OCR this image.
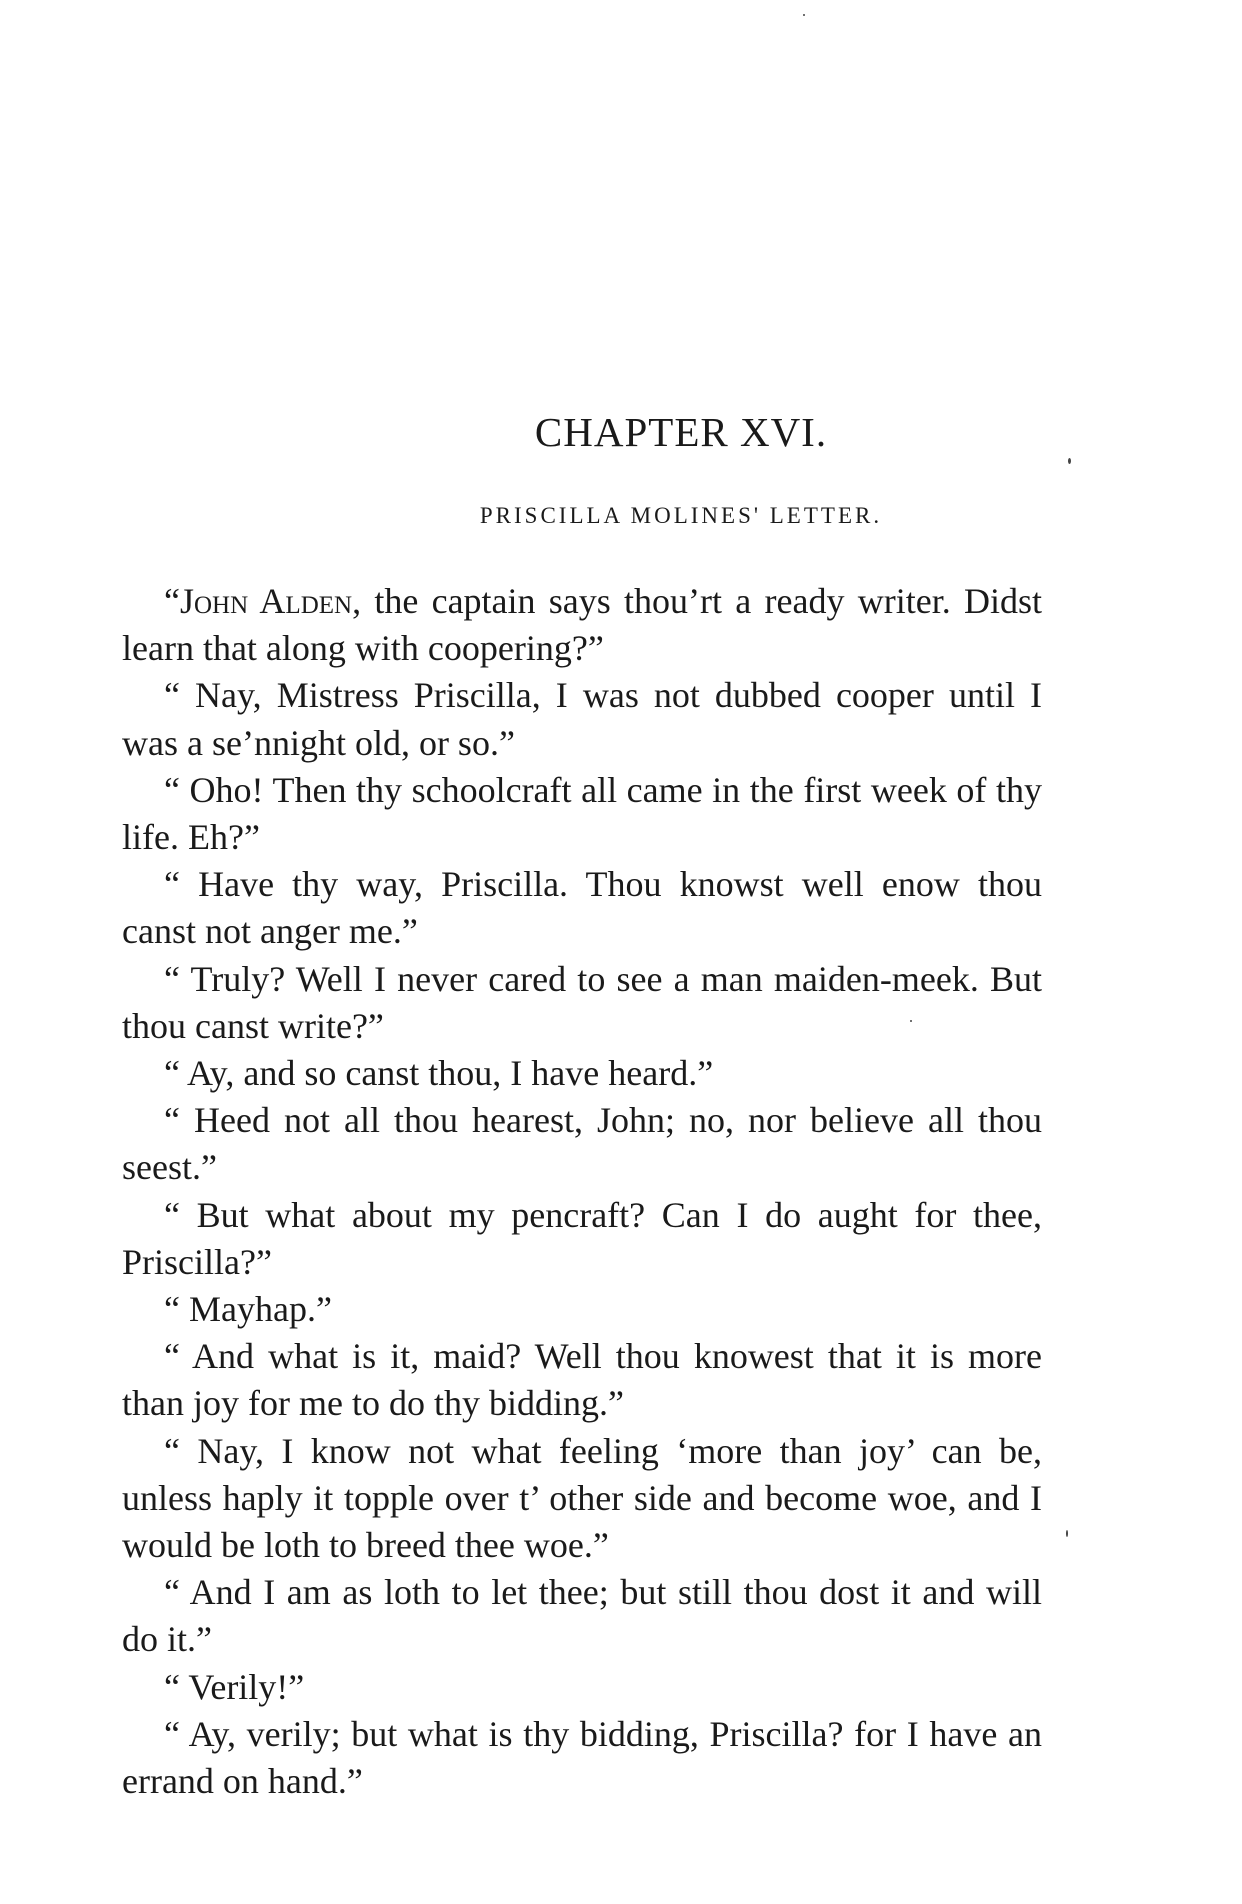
CHAPTER XVI.
PRISCILLA MOLINES' LETTER.

“John Alden, the captain says thou’rt a ready writer. Didst learn that along with coopering?”

“ Nay, Mistress Priscilla, I was not dubbed cooper until I was a se’nnight old, or so.”

“ Oho! Then thy schoolcraft all came in the first week of thy life. Eh?”

“ Have thy way, Priscilla. Thou knowst well enow thou canst not anger me.”

“ Truly? Well I never cared to see a man maiden-meek. But thou canst write?”

“ Ay, and so canst thou, I have heard.”

“ Heed not all thou hearest, John; no, nor believe all thou seest.”

“ But what about my pencraft? Can I do aught for thee, Priscilla?”

“ Mayhap.”

“ And what is it, maid? Well thou knowest that it is more than joy for me to do thy bidding.”

“ Nay, I know not what feeling ‘more than joy’ can be, unless haply it topple over t’ other side and become woe, and I would be loth to breed thee woe.”

“ And I am as loth to let thee; but still thou dost it and will do it.”

“ Verily!”

“ Ay, verily; but what is thy bidding, Priscilla? for I have an errand on hand.”
